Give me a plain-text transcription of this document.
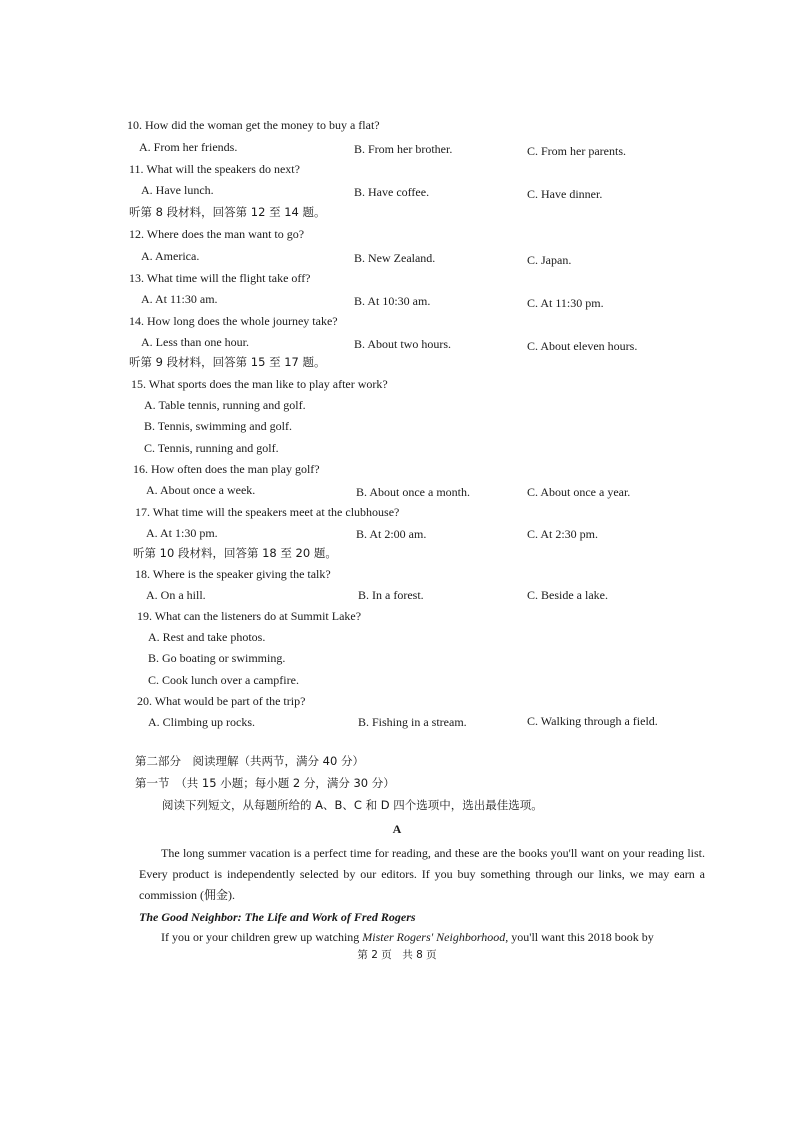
10. How did the woman get the money to buy a flat?
A. From her friends.	B. From her brother.	C. From her parents.
11. What will the speakers do next?
A. Have lunch.	B. Have coffee.	C. Have dinner.
听第 8 段材料，回答第 12 至 14 题。
12. Where does the man want to go?
A. America.	B. New Zealand.	C. Japan.
13. What time will the flight take off?
A. At 11:30 am.	B. At 10:30 am.	C. At 11:30 pm.
14. How long does the whole journey take?
A. Less than one hour.	B. About two hours.	C. About eleven hours.
听第 9 段材料，回答第 15 至 17 题。
15. What sports does the man like to play after work?
A. Table tennis, running and golf.
B. Tennis, swimming and golf.
C. Tennis, running and golf.
16. How often does the man play golf?
A. About once a week.	B. About once a month.	C. About once a year.
17. What time will the speakers meet at the clubhouse?
A. At 1:30 pm.	B. At 2:00 am.	C. At 2:30 pm.
听第 10 段材料，回答第 18 至 20 题。
18. Where is the speaker giving the talk?
A. On a hill.	B. In a forest.	C. Beside a lake.
19. What can the listeners do at Summit Lake?
A. Rest and take photos.
B. Go boating or swimming.
C. Cook lunch over a campfire.
20. What would be part of the trip?
A. Climbing up rocks.	B. Fishing in a stream.	C. Walking through a field.
第二部分　阅读理解（共两节，满分 40 分）
第一节　（共 15 小题；每小题 2 分，满分 30 分）
阅读下列短文，从每题所给的 A、B、C 和 D 四个选项中，选出最佳选项。
A
The long summer vacation is a perfect time for reading, and these are the books you'll want on your reading list. Every product is independently selected by our editors. If you buy something through our links, we may earn a commission (佣金).
The Good Neighbor: The Life and Work of Fred Rogers
If you or your children grew up watching Mister Rogers' Neighborhood, you'll want this 2018 book by
第 2 页　共 8 页
